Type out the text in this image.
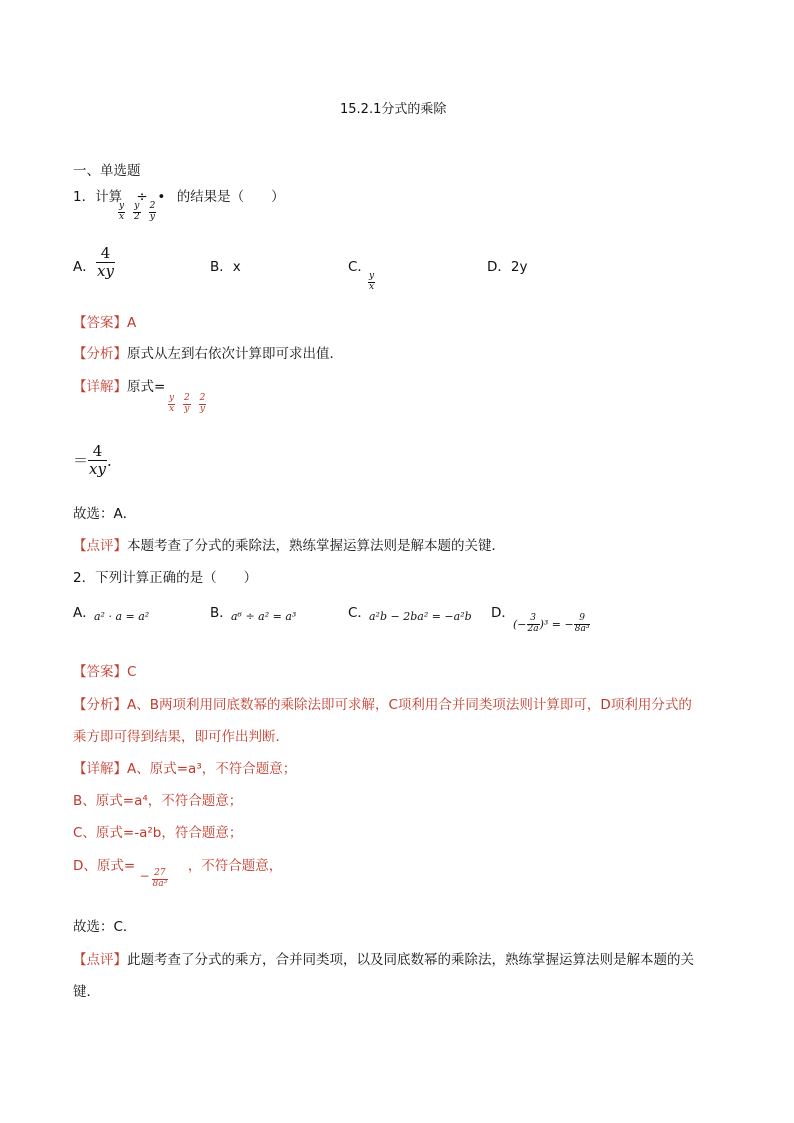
15.2.1分式的乘除
一、单选题
1．计算 ÷ • 的结果是（　　）
$\frac{y}{x}$
$\frac{y}{2}$
$\frac{2}{y}$
A． $\frac{4}{xy}$	B．x	C．
$\frac{y}{x}$
D．2y
【答案】A
【分析】原式从左到右依次计算即可求出值．
【详解】原式=
$\frac{y}{x}$
$\frac{2}{y}$
$\frac{2}{y}$
＝ $\frac{4}{xy}$ ．
故选：A．
【点评】本题考查了分式的乘除法，熟练掌握运算法则是解本题的关键．
2．下列计算正确的是（　　）
A．
a² · a = a²	B．
a⁶ ÷ a² = a³	C．
a²b − 2ba² = −a²b D．
(− $\frac{3}{2a} )^3$ = − $\frac{9}{\text{8a³}}$
【答案】C
【分析】A、B两项利用同底数幂的乘除法即可求解，C项利用合并同类项法则计算即可，D项利用分式的
乘方即可得到结果，即可作出判断．
【详解】A、原式=a³，不符合题意；
B、原式=a⁴，不符合题意；
C、原式=-a²b，符合题意；
D、原式=
− $\frac{27}{\text{8a³}}$
，不符合题意，
故选：C．
【点评】此题考查了分式的乘方，合并同类项，以及同底数幂的乘除法，熟练掌握运算法则是解本题的关
键．
